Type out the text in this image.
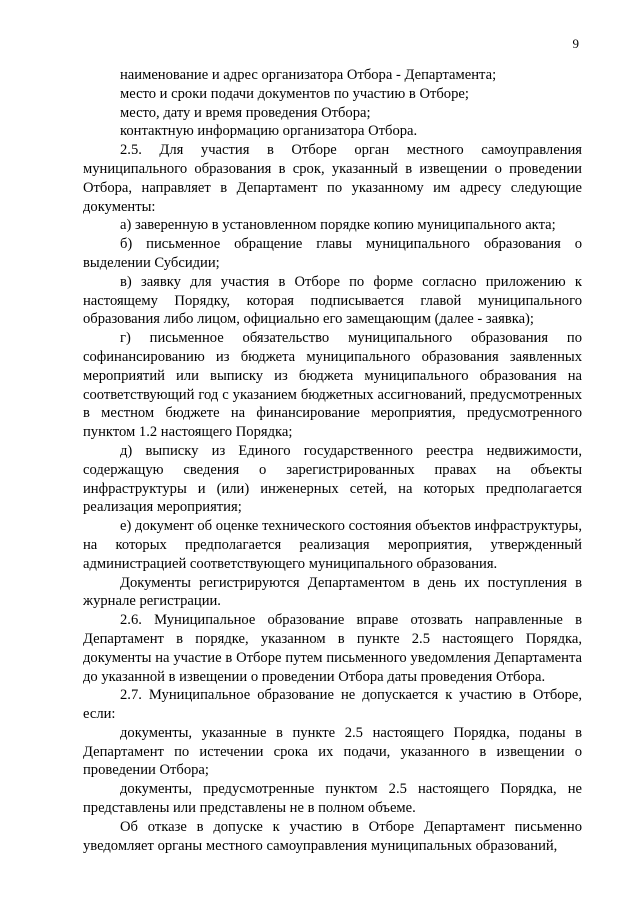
9

наименование и адрес организатора Отбора - Департамента;

место и сроки подачи документов по участию в Отборе;

место, дату и время проведения Отбора;

контактную информацию организатора Отбора.

2.5. Для участия в Отборе орган местного самоуправления муниципального образования в срок, указанный в извещении о проведении Отбора, направляет в Департамент по указанному им адресу следующие документы:

а) заверенную в установленном порядке копию муниципального акта;

б) письменное обращение главы муниципального образования о выделении Субсидии;

в) заявку для участия в Отборе по форме согласно приложению к настоящему Порядку, которая подписывается главой муниципального образования либо лицом, официально его замещающим (далее - заявка);

г) письменное обязательство муниципального образования по софинансированию из бюджета муниципального образования заявленных мероприятий или выписку из бюджета муниципального образования на соответствующий год с указанием бюджетных ассигнований, предусмотренных в местном бюджете на финансирование мероприятия, предусмотренного пунктом 1.2 настоящего Порядка;

д) выписку из Единого государственного реестра недвижимости, содержащую сведения о зарегистрированных правах на объекты инфраструктуры и (или) инженерных сетей, на которых предполагается реализация мероприятия;

е) документ об оценке технического состояния объектов инфраструктуры, на которых предполагается реализация мероприятия, утвержденный администрацией соответствующего муниципального образования.

Документы регистрируются Департаментом в день их поступления в журнале регистрации.

2.6. Муниципальное образование вправе отозвать направленные в Департамент в порядке, указанном в пункте 2.5 настоящего Порядка, документы на участие в Отборе путем письменного уведомления Департамента до указанной в извещении о проведении Отбора даты проведения Отбора.

2.7. Муниципальное образование не допускается к участию в Отборе, если:

документы, указанные в пункте 2.5 настоящего Порядка, поданы в Департамент по истечении срока их подачи, указанного в извещении о проведении Отбора;

документы, предусмотренные пунктом 2.5 настоящего Порядка, не представлены или представлены не в полном объеме.

Об отказе в допуске к участию в Отборе Департамент письменно уведомляет органы местного самоуправления муниципальных образований,
